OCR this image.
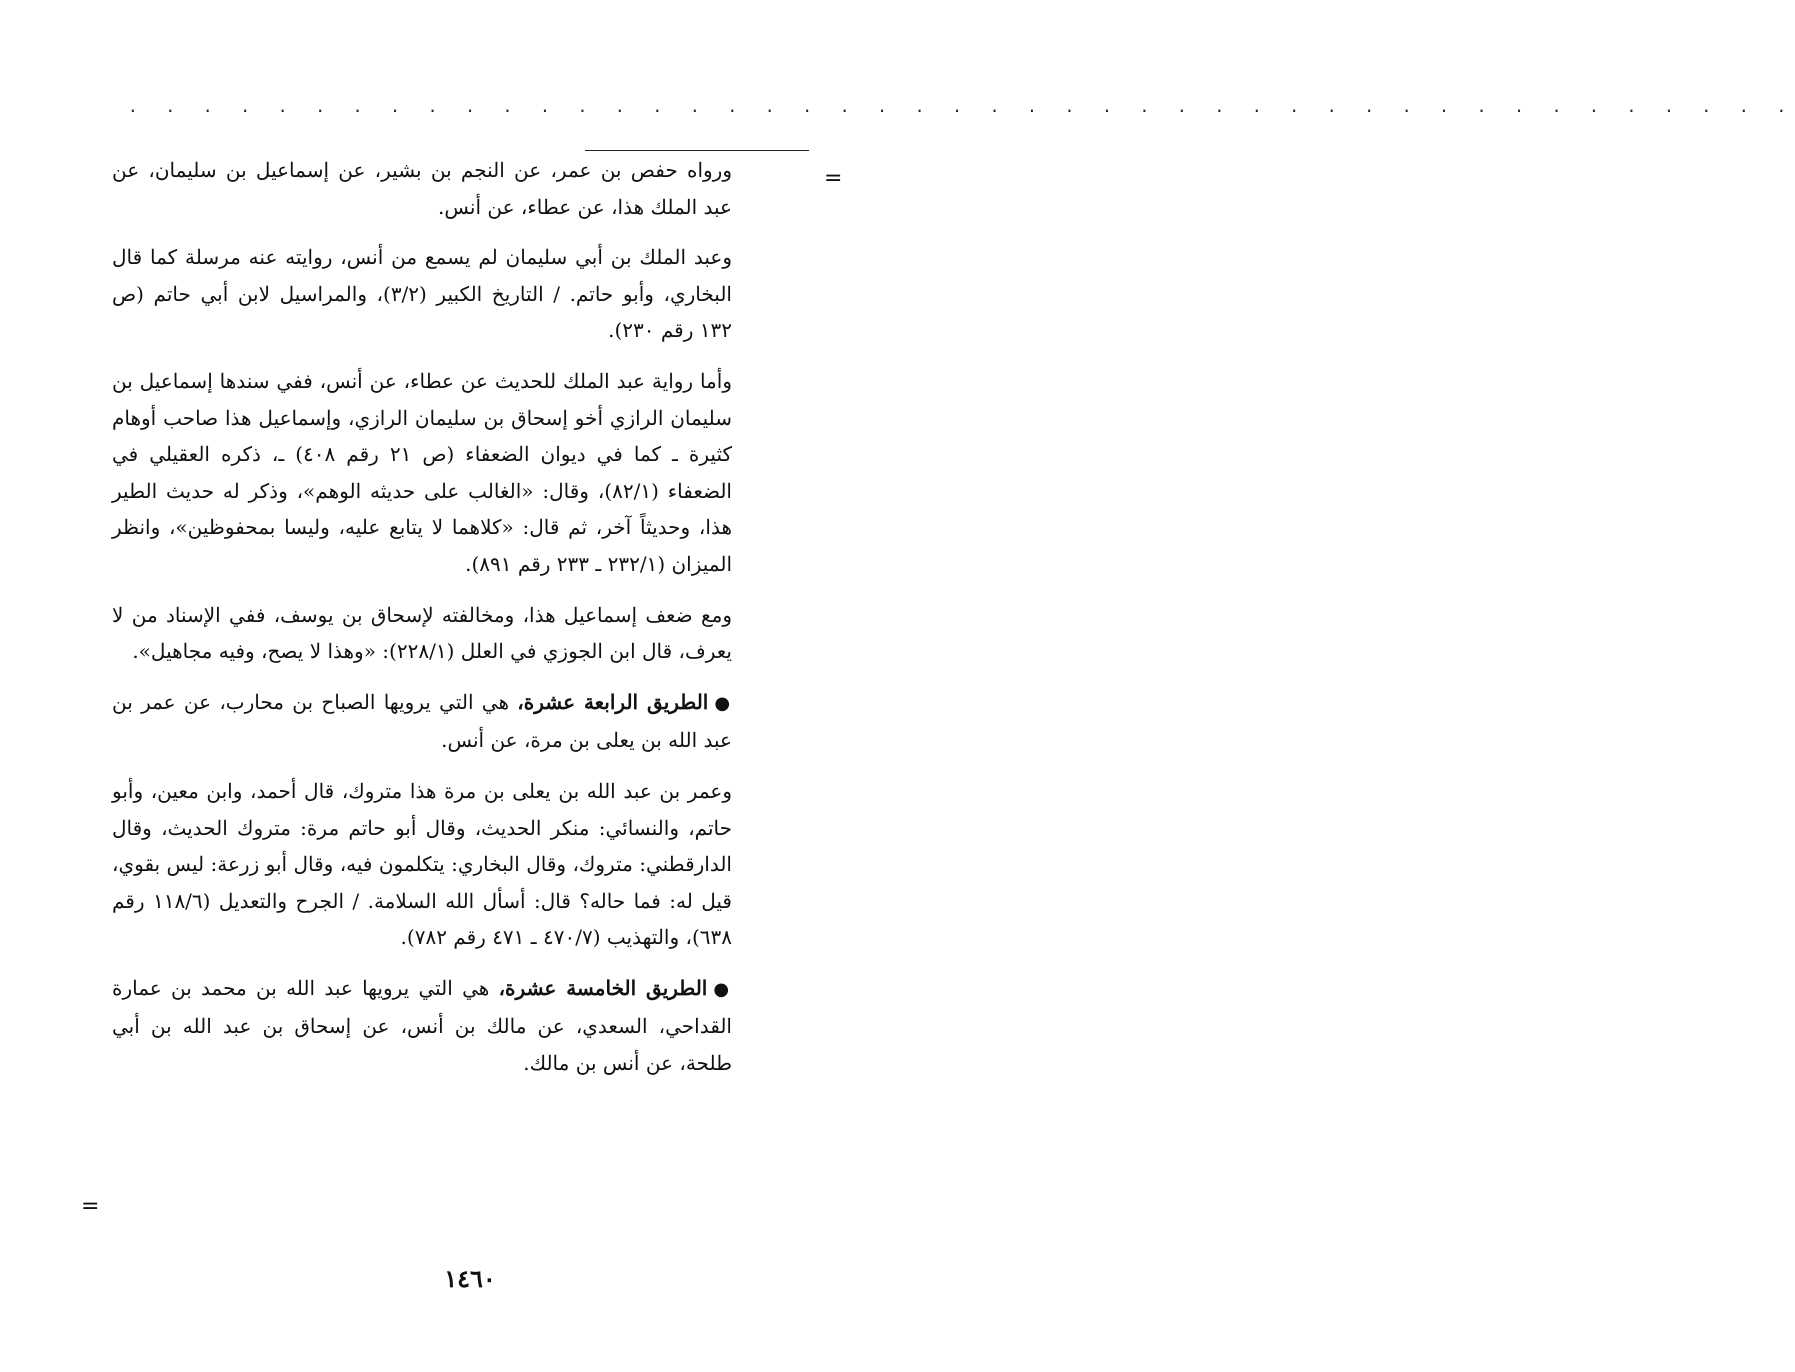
. . . . . . . . . . . . . . . . . . . . . . . . . . . . . . . . . . . . . . . . . . . . .
=

ورواه حفص بن عمر، عن النجم بن بشير، عن إسماعيل بن سليمان، عن عبد الملك هذا، عن عطاء، عن أنس.

وعبد الملك بن أبي سليمان لم يسمع من أنس، روايته عنه مرسلة كما قال البخاري، وأبو حاتم. / التاريخ الكبير (٣/٢)، والمراسيل لابن أبي حاتم (ص ١٣٢ رقم ٢٣٠).

وأما رواية عبد الملك للحديث عن عطاء، عن أنس، ففي سندها إسماعيل بن سليمان الرازي أخو إسحاق بن سليمان الرازي، وإسماعيل هذا صاحب أوهام كثيرة ـ كما في ديوان الضعفاء (ص ٢١ رقم ٤٠٨) ـ، ذكره العقيلي في الضعفاء (٨٢/١)، وقال: «الغالب على حديثه الوهم»، وذكر له حديث الطير هذا، وحديثاً آخر، ثم قال: «كلاهما لا يتابع عليه، وليسا بمحفوظين»، وانظر الميزان (٢٣٢/١ ـ ٢٣٣ رقم ٨٩١).

ومع ضعف إسماعيل هذا، ومخالفته لإسحاق بن يوسف، ففي الإسناد من لا يعرف، قال ابن الجوزي في العلل (٢٢٨/١): «وهذا لا يصح، وفيه مجاهيل».

●الطريق الرابعة عشرة، هي التي يرويها الصباح بن محارب، عن عمر بن عبد الله بن يعلى بن مرة، عن أنس.

وعمر بن عبد الله بن يعلى بن مرة هذا متروك، قال أحمد، وابن معين، وأبو حاتم، والنسائي: منكر الحديث، وقال أبو حاتم مرة: متروك الحديث، وقال الدارقطني: متروك، وقال البخاري: يتكلمون فيه، وقال أبو زرعة: ليس بقوي، قيل له: فما حاله؟ قال: أسأل الله السلامة. / الجرح والتعديل (١١٨/٦ رقم ٦٣٨)، والتهذيب (٤٧٠/٧ ـ ٤٧١ رقم ٧٨٢).

●الطريق الخامسة عشرة، هي التي يرويها عبد الله بن محمد بن عمارة القداحي، السعدي، عن مالك بن أنس، عن إسحاق بن عبد الله بن أبي طلحة، عن أنس بن مالك.

=
١٤٦٠
